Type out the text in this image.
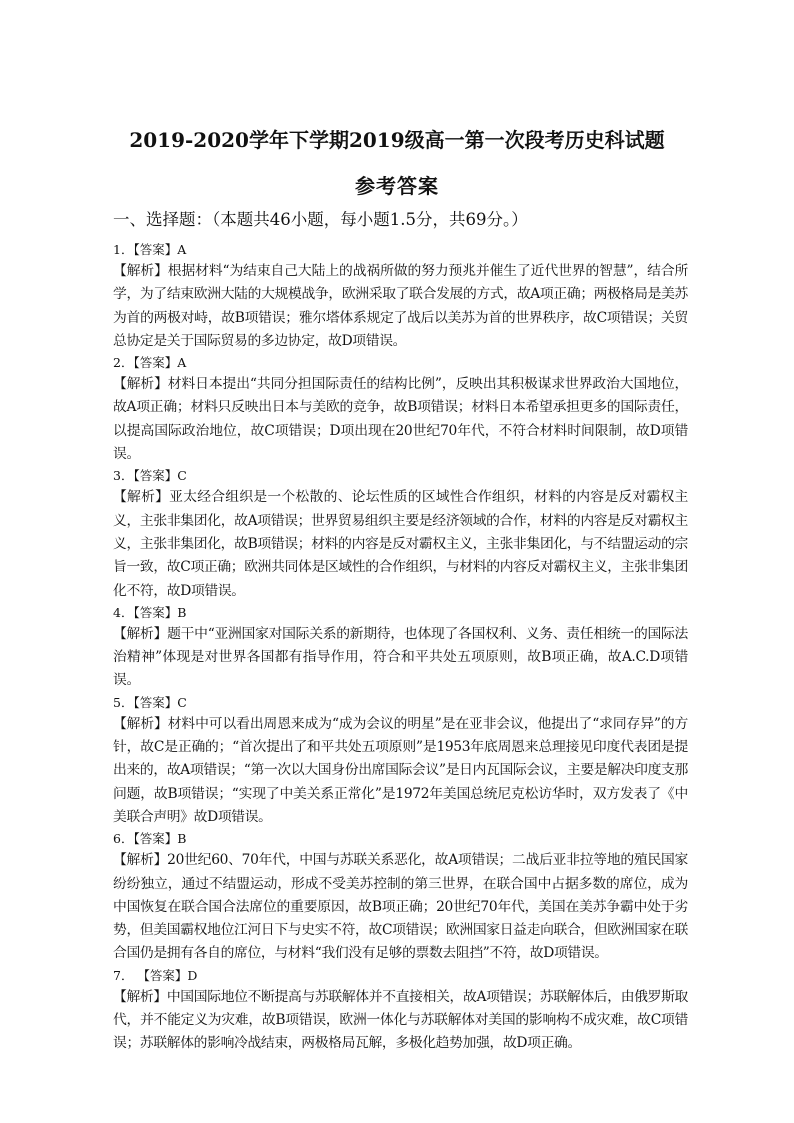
2019-2020学年下学期2019级高一第一次段考历史科试题
参考答案

一、选择题：（本题共46小题，每小题1.5分，共69分。）

1．【答案】A

【解析】根据材料“为结束自己大陆上的战祸所做的努力预兆并催生了近代世界的智慧”，结合所学，为了结束欧洲大陆的大规模战争，欧洲采取了联合发展的方式，故A项正确；两极格局是美苏为首的两极对峙，故B项错误；雅尔塔体系规定了战后以美苏为首的世界秩序，故C项错误；关贸总协定是关于国际贸易的多边协定，故D项错误。

2．【答案】A

【解析】材料日本提出“共同分担国际责任的结构比例”，反映出其积极谋求世界政治大国地位，故A项正确；材料只反映出日本与美欧的竞争，故B项错误；材料日本希望承担更多的国际责任，以提高国际政治地位，故C项错误；D项出现在20世纪70年代，不符合材料时间限制，故D项错误。

3．【答案】C

【解析】亚太经合组织是一个松散的、论坛性质的区域性合作组织，材料的内容是反对霸权主义，主张非集团化，故A项错误；世界贸易组织主要是经济领域的合作，材料的内容是反对霸权主义，主张非集团化，故B项错误；材料的内容是反对霸权主义，主张非集团化，与不结盟运动的宗旨一致，故C项正确；欧洲共同体是区域性的合作组织，与材料的内容反对霸权主义，主张非集团化不符，故D项错误。

4．【答案】B

【解析】题干中“亚洲国家对国际关系的新期待，也体现了各国权利、义务、责任相统一的国际法治精神”体现是对世界各国都有指导作用，符合和平共处五项原则，故B项正确，故A.C.D项错误。

5．【答案】C

【解析】材料中可以看出周恩来成为“成为会议的明星”是在亚非会议，他提出了“求同存异”的方针，故C是正确的；“首次提出了和平共处五项原则”是1953年底周恩来总理接见印度代表团是提出来的，故A项错误；“第一次以大国身份出席国际会议”是日内瓦国际会议，主要是解决印度支那问题，故B项错误；“实现了中美关系正常化”是1972年美国总统尼克松访华时，双方发表了《中美联合声明》故D项错误。

6．【答案】B

【解析】20世纪60、70年代，中国与苏联关系恶化，故A项错误；二战后亚非拉等地的殖民国家纷纷独立，通过不结盟运动，形成不受美苏控制的第三世界，在联合国中占据多数的席位，成为中国恢复在联合国合法席位的重要原因，故B项正确；20世纪70年代，美国在美苏争霸中处于劣势，但美国霸权地位江河日下与史实不符，故C项错误；欧洲国家日益走向联合，但欧洲国家在联合国仍是拥有各自的席位，与材料“我们没有足够的票数去阻挡”不符，故D项错误。

7． 【答案】D

【解析】中国国际地位不断提高与苏联解体并不直接相关，故A项错误；苏联解体后，由俄罗斯取代，并不能定义为灾难，故B项错误，欧洲一体化与苏联解体对美国的影响构不成灾难，故C项错误；苏联解体的影响冷战结束，两极格局瓦解，多极化趋势加强，故D项正确。
